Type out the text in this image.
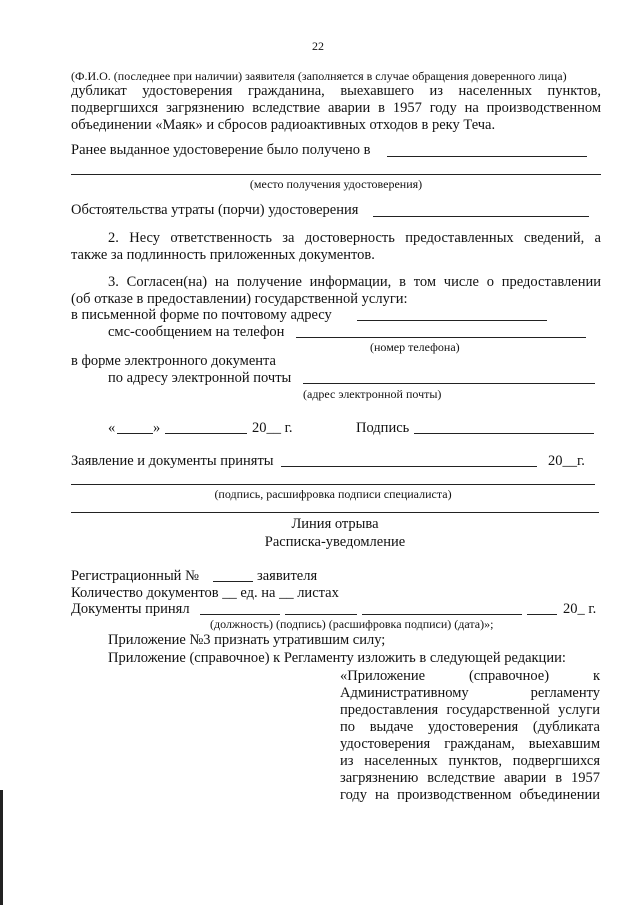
22
(Ф.И.О. (последнее при наличии) заявителя (заполняется в случае обращения доверенного лица)
дубликат удостоверения гражданина, выехавшего из населенных пунктов,
подвергшихся загрязнению вследствие аварии в 1957 году на производственном
объединении «Маяк» и сбросов радиоактивных отходов в реку Теча.
Ранее выданное удостоверение было получено в
(место получения удостоверения)
Обстоятельства утраты (порчи) удостоверения
2. Несу ответственность за достоверность предоставленных сведений, а
также за подлинность приложенных документов.
3. Согласен(на) на получение информации, в том числе о предоставлении
(об отказе в предоставлении) государственной услуги:
в письменной форме по почтовому адресу
смс-сообщением на телефон
(номер телефона)
в форме электронного документа
по адресу электронной почты
(адрес электронной почты)
«	»	20__ г.	Подпись
Заявление и документы приняты	20__г.
(подпись, расшифровка подписи специалиста)
Линия отрыва
Расписка-уведомление
Регистрационный №	заявителя
Количество документов __ ед. на __ листах
Документы принял	20_ г.
(должность) (подпись) (расшифровка подписи) (дата)»;
Приложение №3 признать утратившим силу;
Приложение (справочное) к Регламенту изложить в следующей редакции:
«Приложение (справочное) к
Административному регламенту
предоставления государственной услуги
по выдаче удостоверения (дубликата
удостоверения гражданам, выехавшим
из населенных пунктов, подвергшихся
загрязнению вследствие аварии в 1957
году на производственном объединении
